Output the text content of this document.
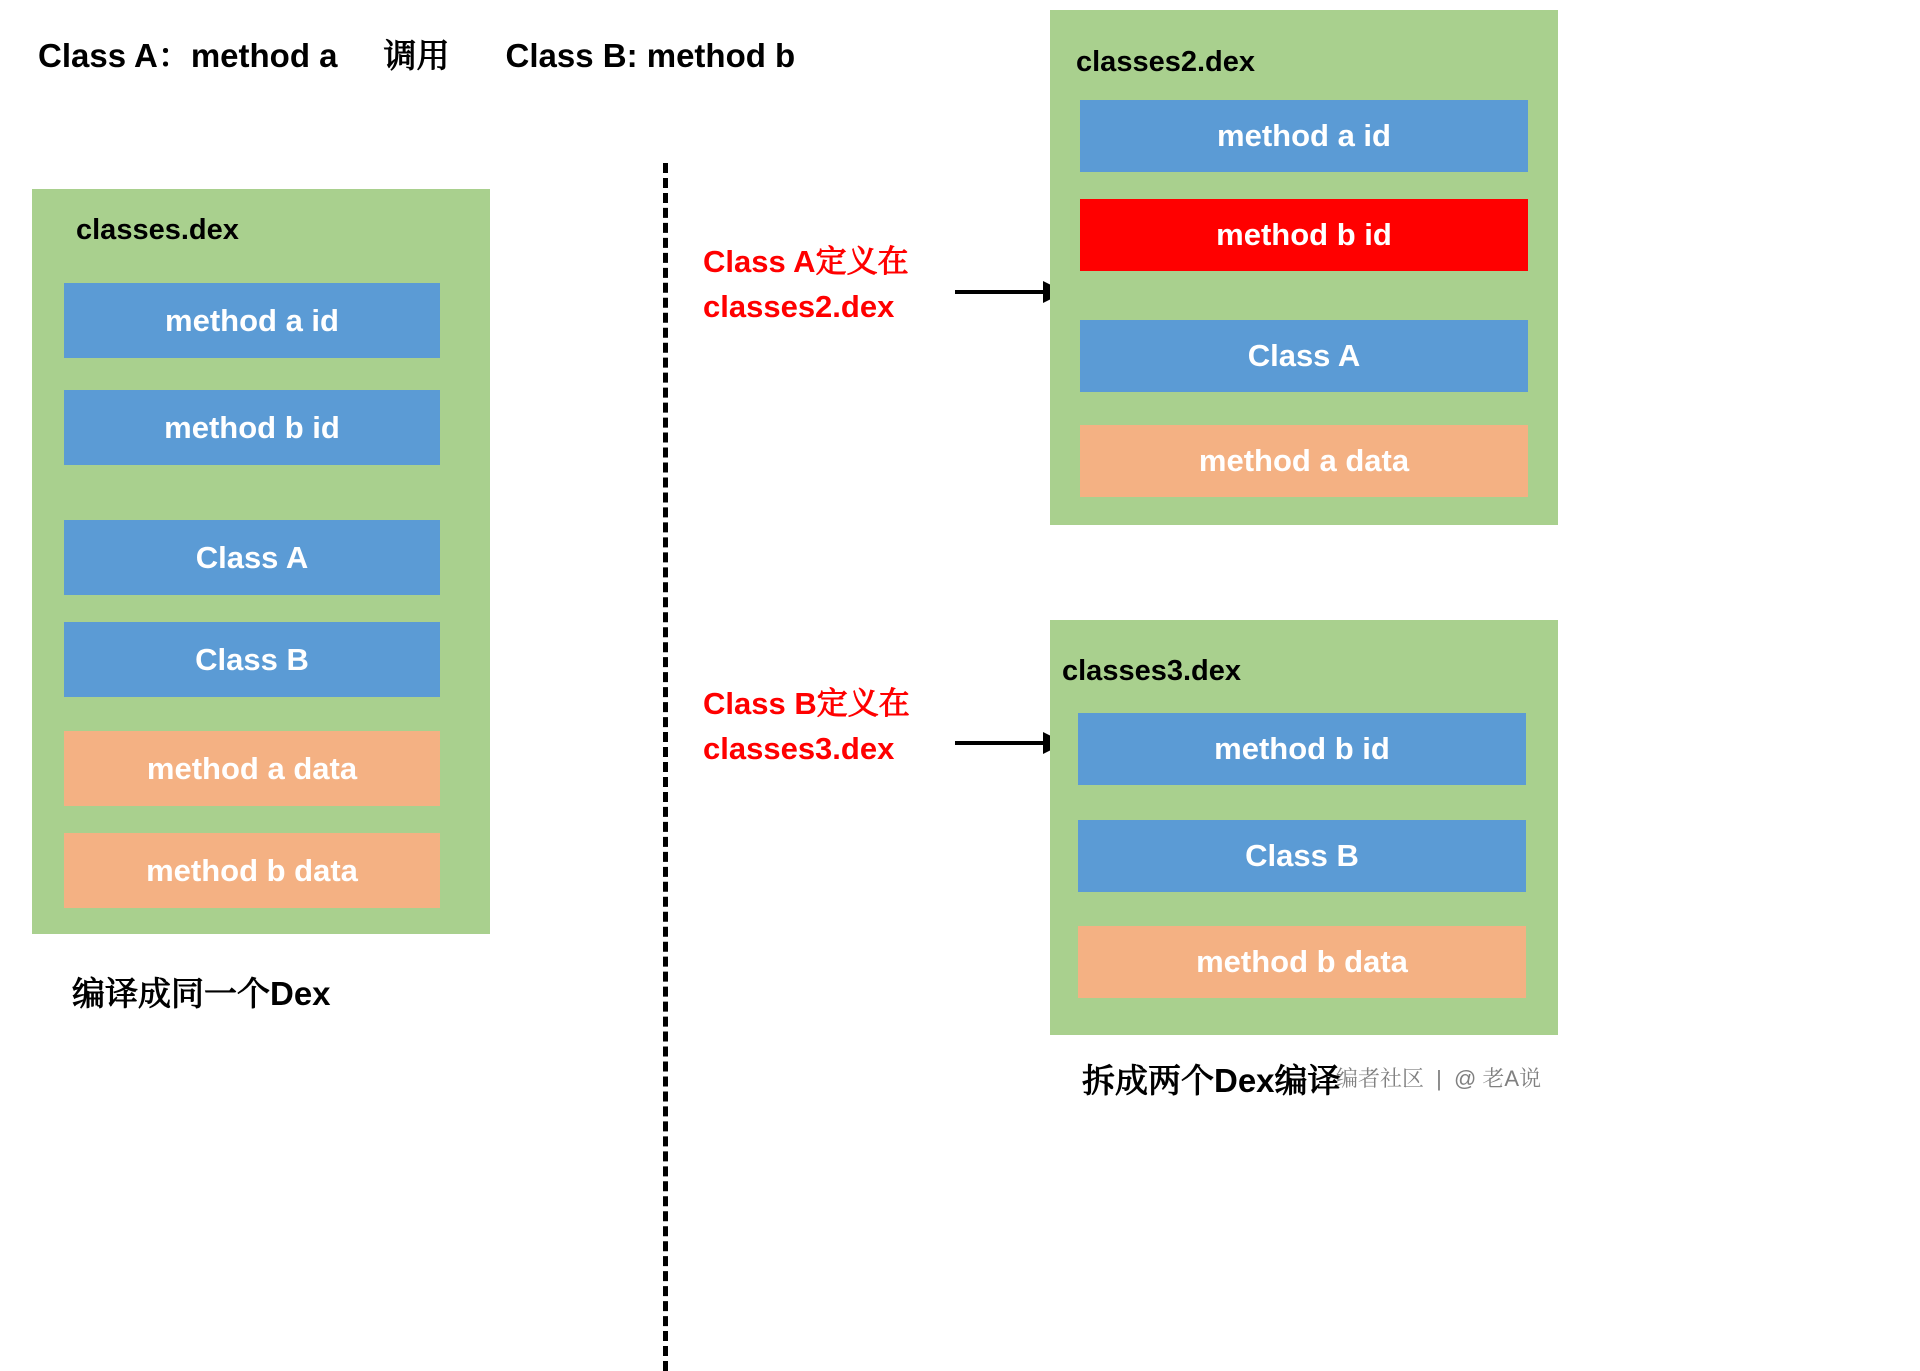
Class A：method a 调用 Class B: method b
classes.dex
method a id
method b id
Class A
Class B
method a data
method b data
编译成同一个Dex
Class A定义在
classes2.dex
Class B定义在
classes3.dex
classes2.dex
method a id
method b id
Class A
method a data
classes3.dex
method b id
Class B
method b data
拆成两个Dex编译
编者社区 | @ 老A说
